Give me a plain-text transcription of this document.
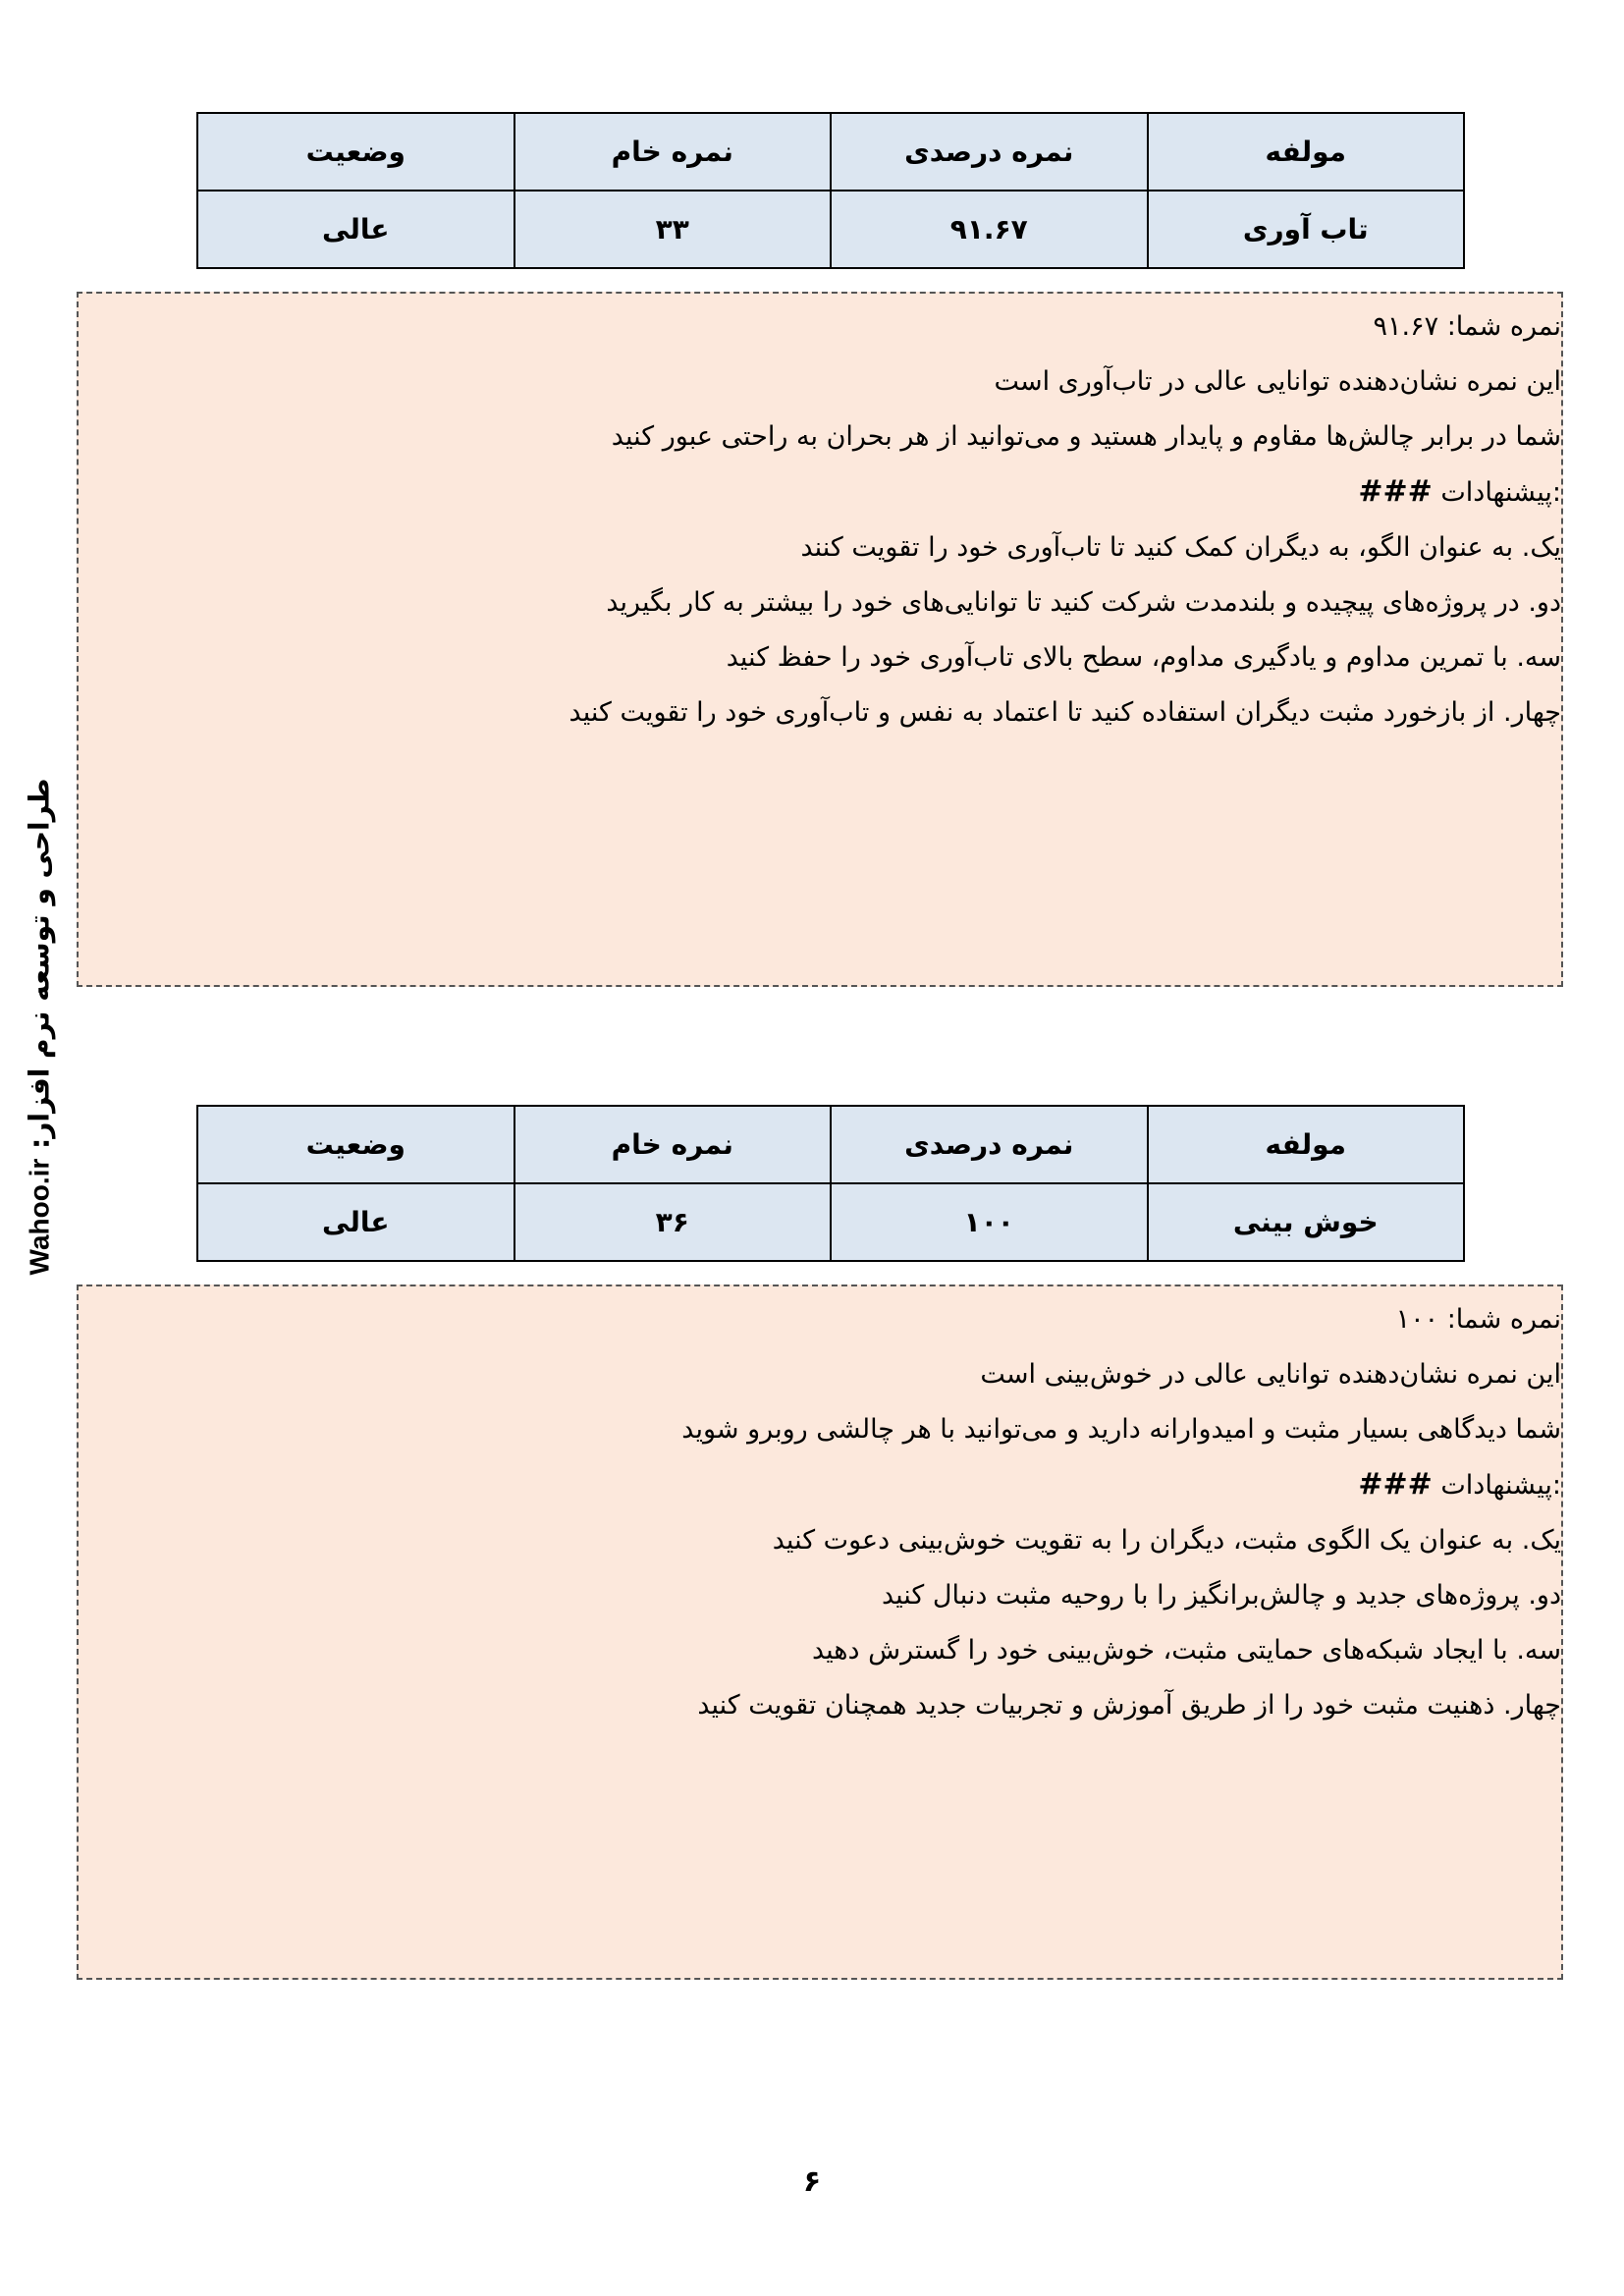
مولفه	نمره درصدی	نمره خام	وضعیت
تاب آوری	۹۱.۶۷	۳۳	عالی

نمره شما: ۹۱.۶۷

این نمره نشان‌دهنده توانایی عالی در تاب‌آوری است

شما در برابر چالش‌ها مقاوم و پایدار هستید و می‌توانید از هر بحران به راحتی عبور کنید

:پیشنهادات ###

یک. به عنوان الگو، به دیگران کمک کنید تا تاب‌آوری خود را تقویت کنند

دو. در پروژه‌های پیچیده و بلندمدت شرکت کنید تا توانایی‌های خود را بیشتر به کار بگیرید

سه. با تمرین مداوم و یادگیری مداوم، سطح بالای تاب‌آوری خود را حفظ کنید

چهار. از بازخورد مثبت دیگران استفاده کنید تا اعتماد به نفس و تاب‌آوری خود را تقویت کنید

مولفه	نمره درصدی	نمره خام	وضعیت
خوش بینی	۱۰۰	۳۶	عالی

نمره شما: ۱۰۰

این نمره نشان‌دهنده توانایی عالی در خوش‌بینی است

شما دیدگاهی بسیار مثبت و امیدوارانه دارید و می‌توانید با هر چالشی روبرو شوید

:پیشنهادات ###

یک. به عنوان یک الگوی مثبت، دیگران را به تقویت خوش‌بینی دعوت کنید

دو. پروژه‌های جدید و چالش‌برانگیز را با روحیه مثبت دنبال کنید

سه. با ایجاد شبکه‌های حمایتی مثبت، خوش‌بینی خود را گسترش دهید

چهار. ذهنیت مثبت خود را از طریق آموزش و تجربیات جدید همچنان تقویت کنید

طراحی و توسعه نرم افزار: Wahoo.ir
۶
